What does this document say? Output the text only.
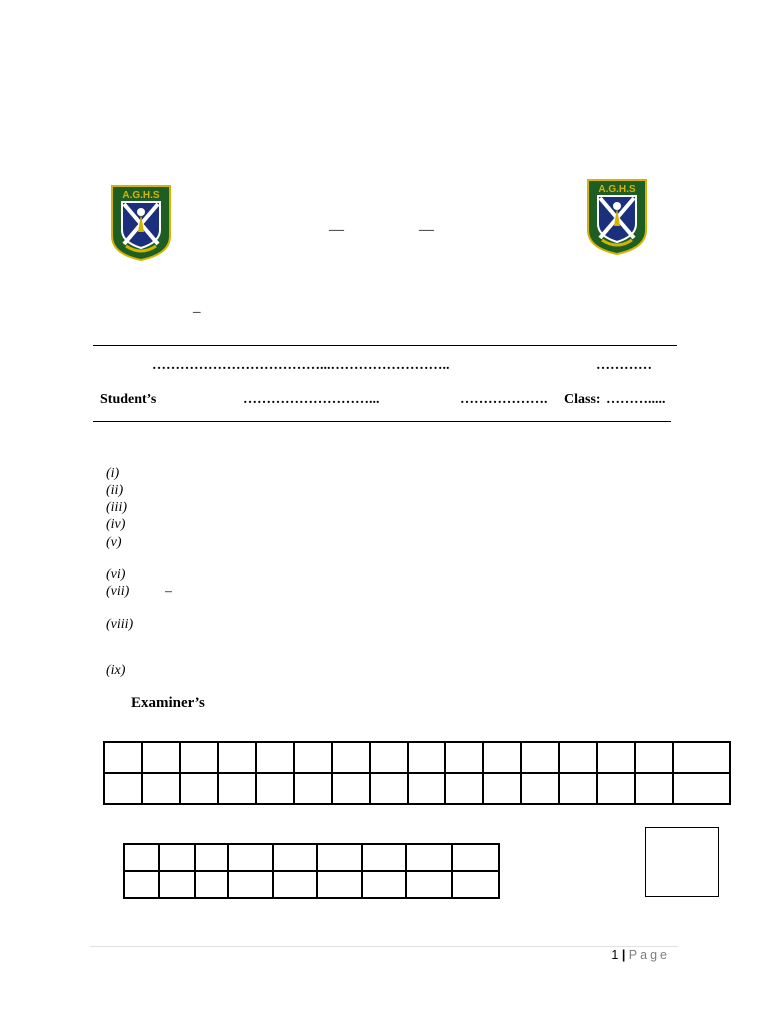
A.G.H.S
A.G.H.S
—	—
–
………………………………...……………………..	…………
Student’s	………………………...	………………. Class: ……….....
(i)
(ii)
(iii)
(iv)
(v)
(vi)
(vii)	–
(viii)
(ix)
Examiner’s

1 | Page
